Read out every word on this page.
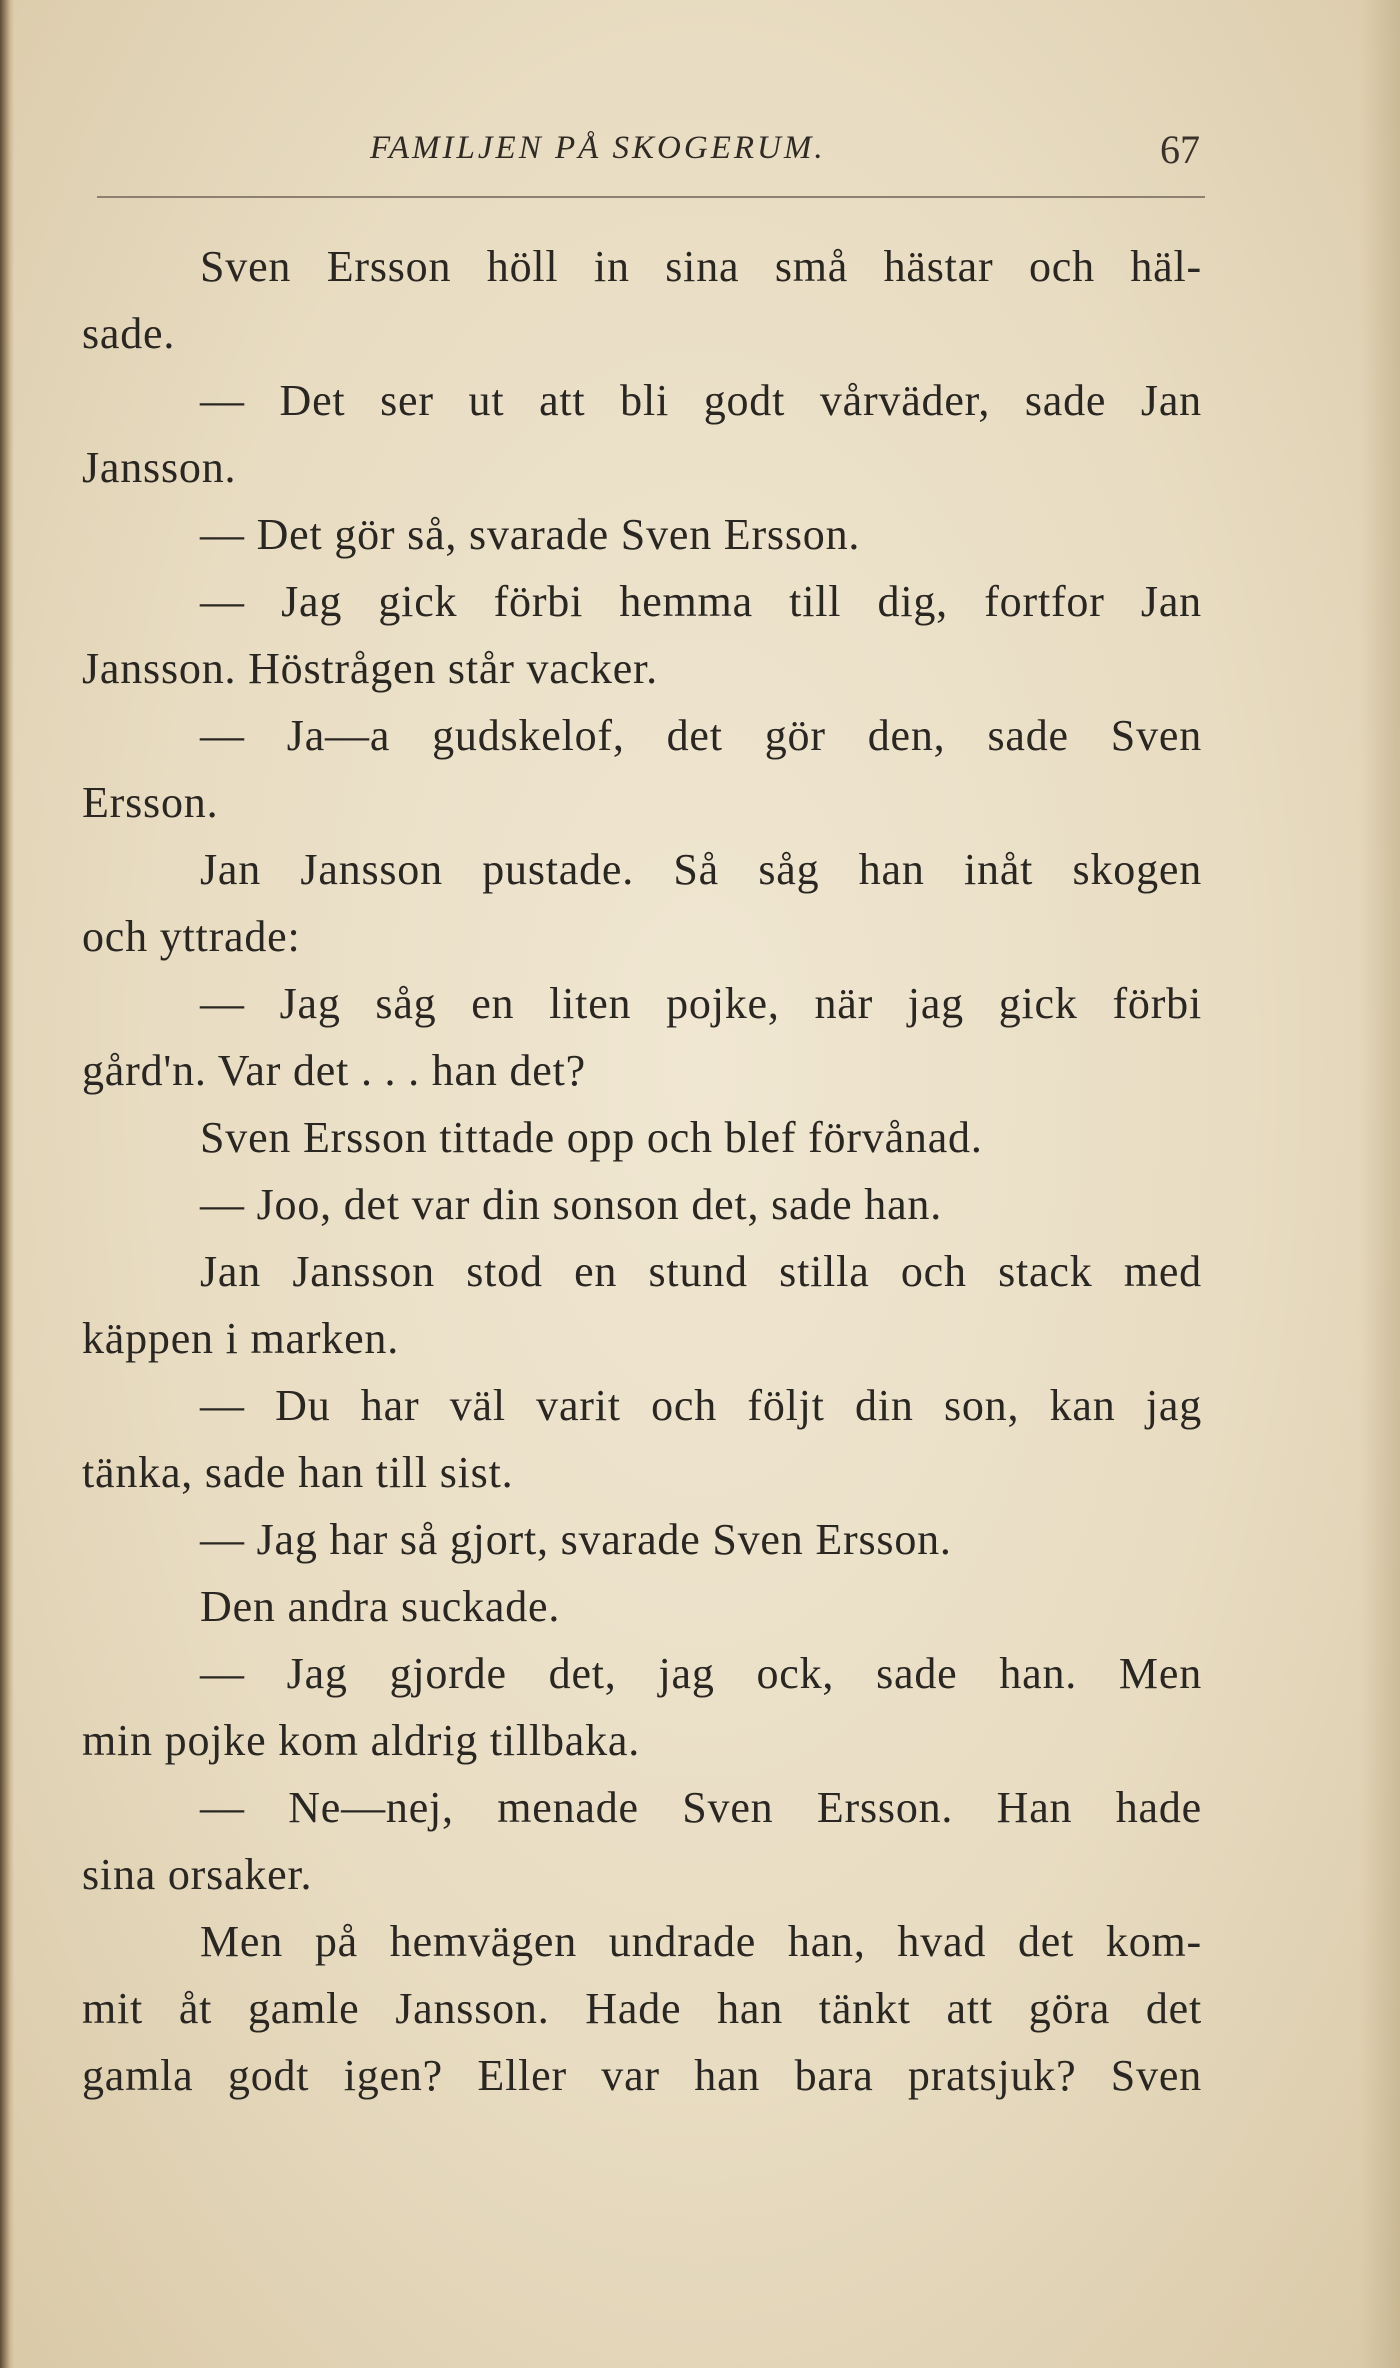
FAMILJEN PÅ SKOGERUM.	67
Sven Ersson höll in sina små hästar och häl-
sade.
— Det ser ut att bli godt vårväder, sade Jan
Jansson.
— Det gör så, svarade Sven Ersson.
— Jag gick förbi hemma till dig, fortfor Jan
Jansson. Höstrågen står vacker.
— Ja—a gudskelof, det gör den, sade Sven
Ersson.
Jan Jansson pustade. Så såg han inåt skogen
och yttrade:
— Jag såg en liten pojke, när jag gick förbi
gård'n. Var det . . . han det?
Sven Ersson tittade opp och blef förvånad.
— Joo, det var din sonson det, sade han.
Jan Jansson stod en stund stilla och stack med
käppen i marken.
— Du har väl varit och följt din son, kan jag
tänka, sade han till sist.
— Jag har så gjort, svarade Sven Ersson.
Den andra suckade.
— Jag gjorde det, jag ock, sade han. Men
min pojke kom aldrig tillbaka.
— Ne—nej, menade Sven Ersson. Han hade
sina orsaker.
Men på hemvägen undrade han, hvad det kom-
mit åt gamle Jansson. Hade han tänkt att göra det
gamla godt igen? Eller var han bara pratsjuk? Sven
